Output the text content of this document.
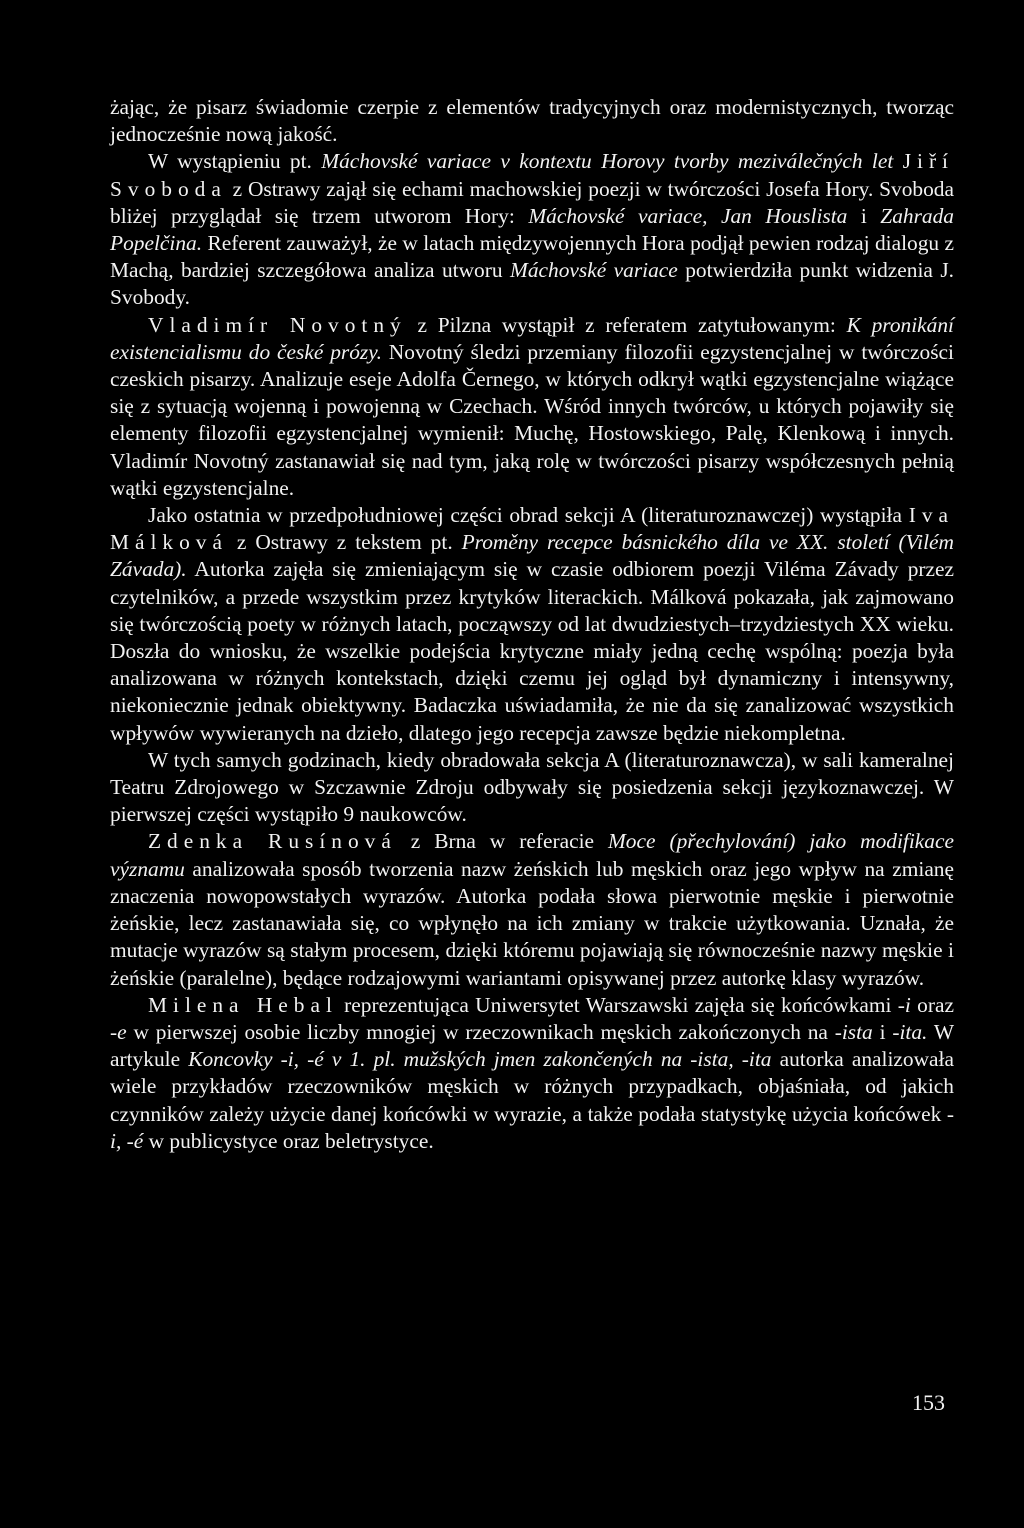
żając, że pisarz świadomie czerpie z elementów tradycyjnych oraz modernistycznych, tworząc jednocześnie nową jakość.

W wystąpieniu pt. Máchovské variace v kontextu Horovy tvorby meziválečných let Jiří Svoboda z Ostrawy zajął się echami machowskiej poezji w twórczości Josefa Hory. Svoboda bliżej przyglądał się trzem utworom Hory: Máchovské variace, Jan Houslista i Zahrada Popelčina. Referent zauważył, że w latach międzywojennych Hora podjął pewien rodzaj dialogu z Machą, bardziej szczegółowa analiza utworu Máchovské variace potwierdziła punkt widzenia J. Svobody.

Vladimír Novotný z Pilzna wystąpił z referatem zatytułowanym: K pronikání existencialismu do české prózy. Novotný śledzi przemiany filozofii egzystencjalnej w twórczości czeskich pisarzy. Analizuje eseje Adolfa Černego, w których odkrył wątki egzystencjalne wiążące się z sytuacją wojenną i powojenną w Czechach. Wśród innych twórców, u których pojawiły się elementy filozofii egzystencjalnej wymienił: Muchę, Hostowskiego, Palę, Klenkową i innych. Vladimír Novotný zastanawiał się nad tym, jaką rolę w twórczości pisarzy współczesnych pełnią wątki egzystencjalne.

Jako ostatnia w przedpołudniowej części obrad sekcji A (literaturoznawczej) wystąpiła Iva Málková z Ostrawy z tekstem pt. Proměny recepce básnického díla ve XX. století (Vilém Závada). Autorka zajęła się zmieniającym się w czasie odbiorem poezji Viléma Závady przez czytelników, a przede wszystkim przez krytyków literackich. Málková pokazała, jak zajmowano się twórczością poety w różnych latach, począwszy od lat dwudziestych–trzydziestych XX wieku. Doszła do wniosku, że wszelkie podejścia krytyczne miały jedną cechę wspólną: poezja była analizowana w różnych kontekstach, dzięki czemu jej ogląd był dynamiczny i intensywny, niekoniecznie jednak obiektywny. Badaczka uświadamiła, że nie da się zanalizować wszystkich wpływów wywieranych na dzieło, dlatego jego recepcja zawsze będzie niekompletna.

W tych samych godzinach, kiedy obradowała sekcja A (literaturoznawcza), w sali kameralnej Teatru Zdrojowego w Szczawnie Zdroju odbywały się posiedzenia sekcji językoznawczej. W pierwszej części wystąpiło 9 naukowców.

Zdenka Rusínová z Brna w referacie Moce (přechylování) jako modifikace významu analizowała sposób tworzenia nazw żeńskich lub męskich oraz jego wpływ na zmianę znaczenia nowopowstałych wyrazów. Autorka podała słowa pierwotnie męskie i pierwotnie żeńskie, lecz zastanawiała się, co wpłynęło na ich zmiany w trakcie użytkowania. Uznała, że mutacje wyrazów są stałym procesem, dzięki któremu pojawiają się równocześnie nazwy męskie i żeńskie (paralelne), będące rodzajowymi wariantami opisywanej przez autorkę klasy wyrazów.

Milena Hebal reprezentująca Uniwersytet Warszawski zajęła się końcówkami -i oraz -e w pierwszej osobie liczby mnogiej w rzeczownikach męskich zakończonych na -ista i -ita. W artykule Koncovky -i, -é v 1. pl. mužských jmen zakončených na -ista, -ita autorka analizowała wiele przykładów rzeczowników męskich w różnych przypadkach, objaśniała, od jakich czynników zależy użycie danej końcówki w wyrazie, a także podała statystykę użycia końcówek -i, -é w publicystyce oraz beletrystyce.

153
